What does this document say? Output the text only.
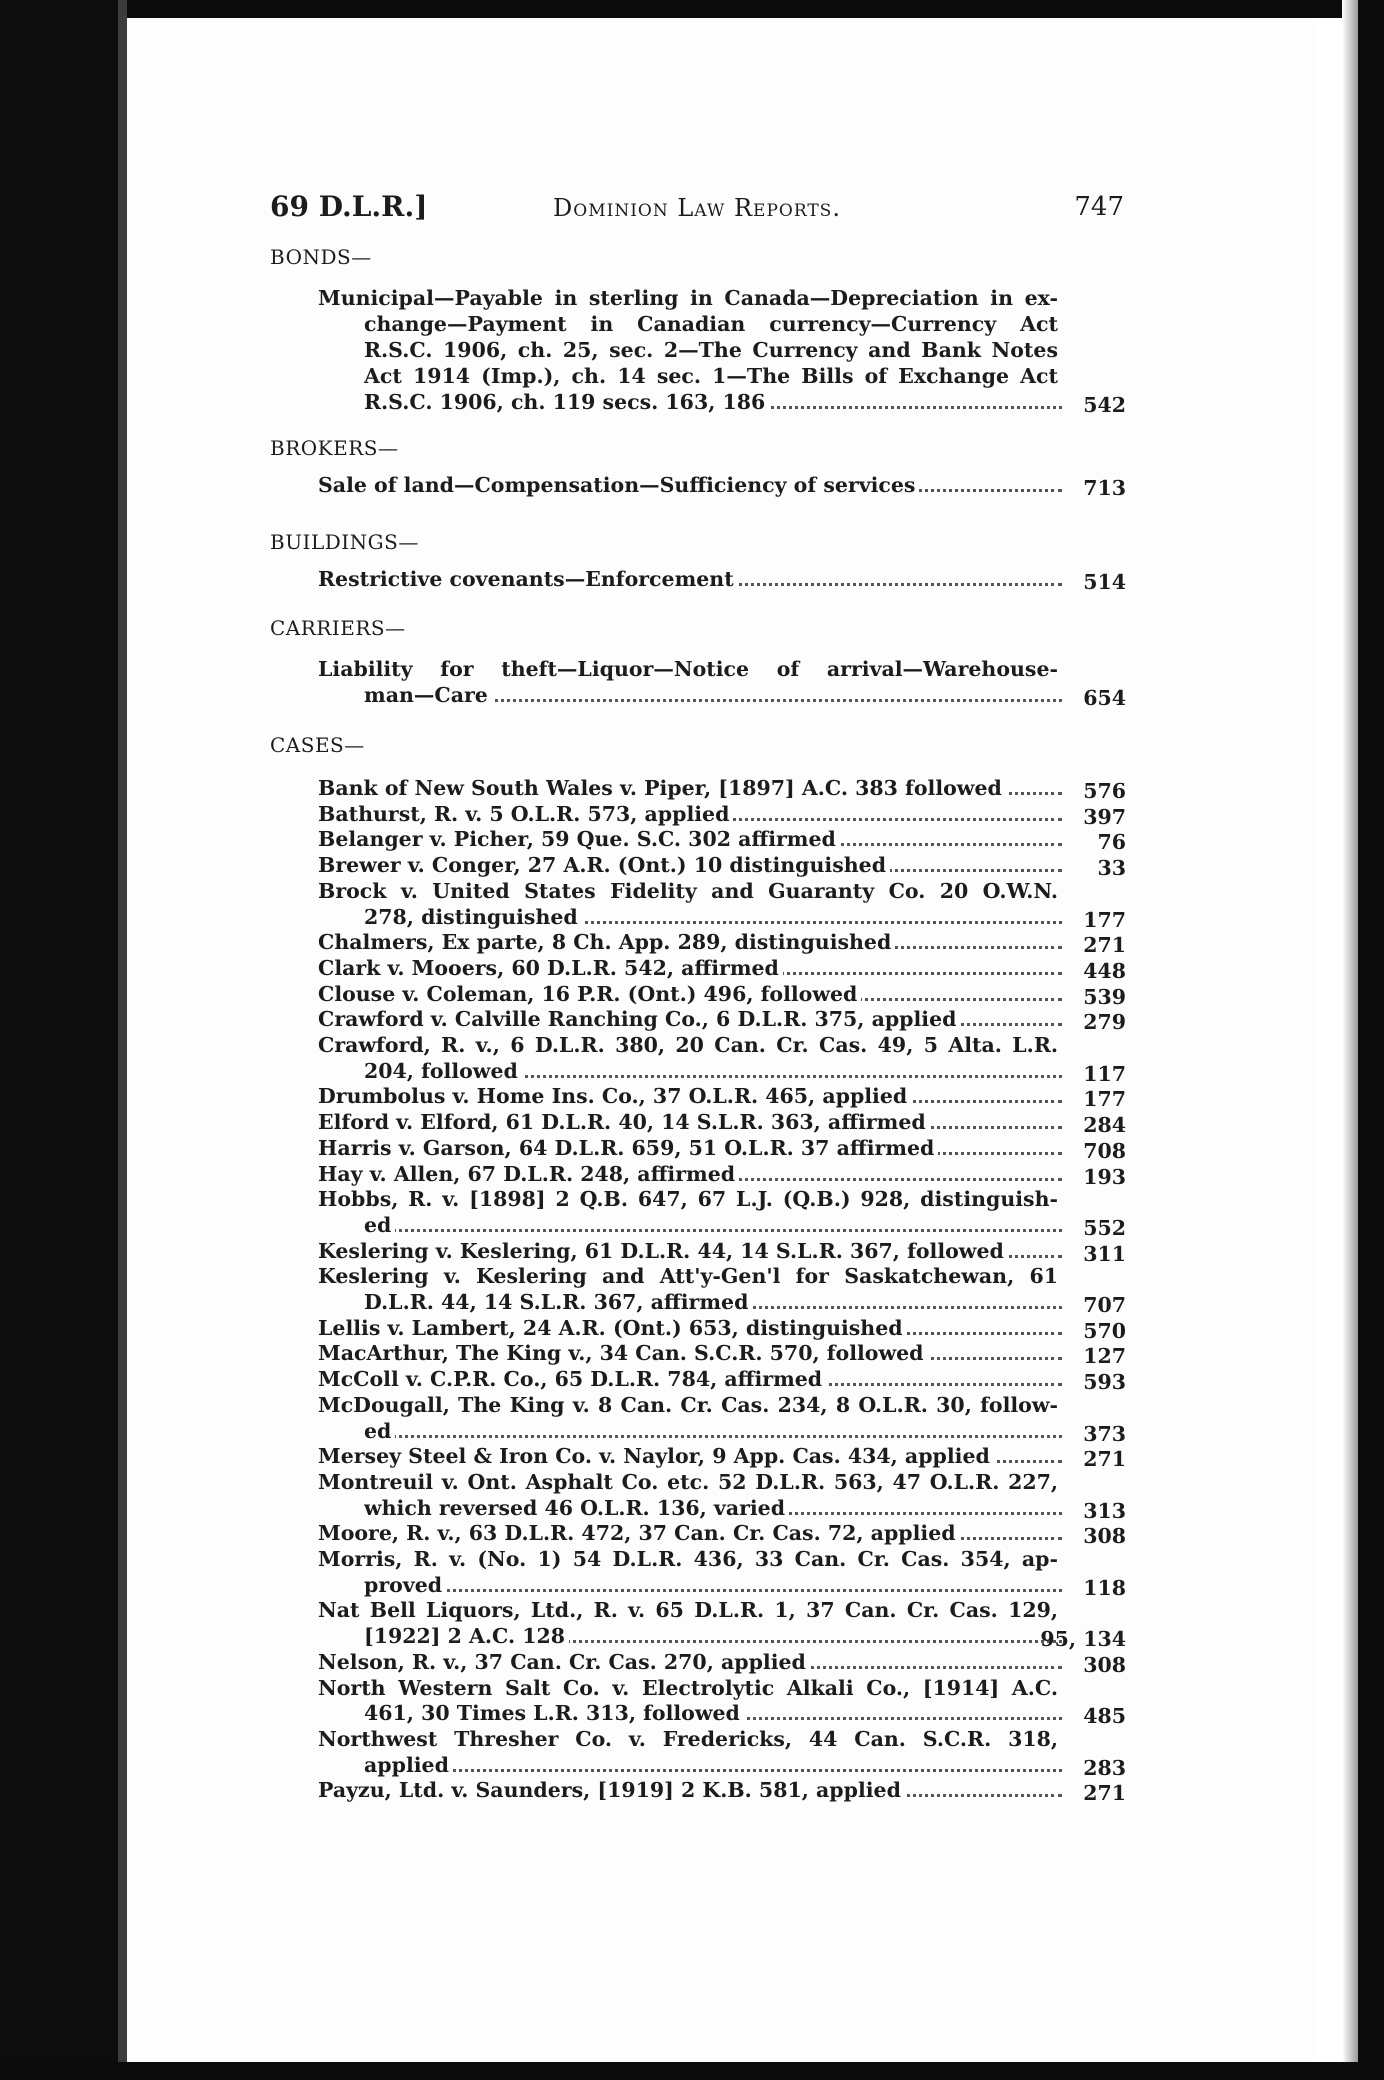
69 D.L.R.]	Dominion Law Reports.	747
BONDS—
Municipal—Payable in sterling in Canada—Depreciation in ex-
change—Payment in Canadian currency—Currency Act
R.S.C. 1906, ch. 25, sec. 2—The Currency and Bank Notes
Act 1914 (Imp.), ch. 14 sec. 1—The Bills of Exchange Act
R.S.C. 1906, ch. 119 secs. 163, 186	542
BROKERS—
Sale of land—Compensation—Sufficiency of services	713
BUILDINGS—
Restrictive covenants—Enforcement	514
CARRIERS—
Liability for theft—Liquor—Notice of arrival—Warehouse-
man—Care	654
CASES—
Bank of New South Wales v. Piper, [1897] A.C. 383 followed	576
Bathurst, R. v. 5 O.L.R. 573, applied	397
Belanger v. Picher, 59 Que. S.C. 302 affirmed	76
Brewer v. Conger, 27 A.R. (Ont.) 10 distinguished	33
Brock v. United States Fidelity and Guaranty Co. 20 O.W.N.
278, distinguished	177
Chalmers, Ex parte, 8 Ch. App. 289, distinguished	271
Clark v. Mooers, 60 D.L.R. 542, affirmed	448
Clouse v. Coleman, 16 P.R. (Ont.) 496, followed	539
Crawford v. Calville Ranching Co., 6 D.L.R. 375, applied	279
Crawford, R. v., 6 D.L.R. 380, 20 Can. Cr. Cas. 49, 5 Alta. L.R.
204, followed	117
Drumbolus v. Home Ins. Co., 37 O.L.R. 465, applied	177
Elford v. Elford, 61 D.L.R. 40, 14 S.L.R. 363, affirmed	284
Harris v. Garson, 64 D.L.R. 659, 51 O.L.R. 37 affirmed	708
Hay v. Allen, 67 D.L.R. 248, affirmed	193
Hobbs, R. v. [1898] 2 Q.B. 647, 67 L.J. (Q.B.) 928, distinguish-
ed	552
Keslering v. Keslering, 61 D.L.R. 44, 14 S.L.R. 367, followed	311
Keslering v. Keslering and Att'y-Gen'l for Saskatchewan, 61
D.L.R. 44, 14 S.L.R. 367, affirmed	707
Lellis v. Lambert, 24 A.R. (Ont.) 653, distinguished	570
MacArthur, The King v., 34 Can. S.C.R. 570, followed	127
McColl v. C.P.R. Co., 65 D.L.R. 784, affirmed	593
McDougall, The King v. 8 Can. Cr. Cas. 234, 8 O.L.R. 30, follow-
ed	373
Mersey Steel & Iron Co. v. Naylor, 9 App. Cas. 434, applied	271
Montreuil v. Ont. Asphalt Co. etc. 52 D.L.R. 563, 47 O.L.R. 227,
which reversed 46 O.L.R. 136, varied	313
Moore, R. v., 63 D.L.R. 472, 37 Can. Cr. Cas. 72, applied	308
Morris, R. v. (No. 1) 54 D.L.R. 436, 33 Can. Cr. Cas. 354, ap-
proved	118
Nat Bell Liquors, Ltd., R. v. 65 D.L.R. 1, 37 Can. Cr. Cas. 129,
[1922] 2 A.C. 128	95, 134
Nelson, R. v., 37 Can. Cr. Cas. 270, applied	308
North Western Salt Co. v. Electrolytic Alkali Co., [1914] A.C.
461, 30 Times L.R. 313, followed	485
Northwest Thresher Co. v. Fredericks, 44 Can. S.C.R. 318,
applied	283
Payzu, Ltd. v. Saunders, [1919] 2 K.B. 581, applied	271
